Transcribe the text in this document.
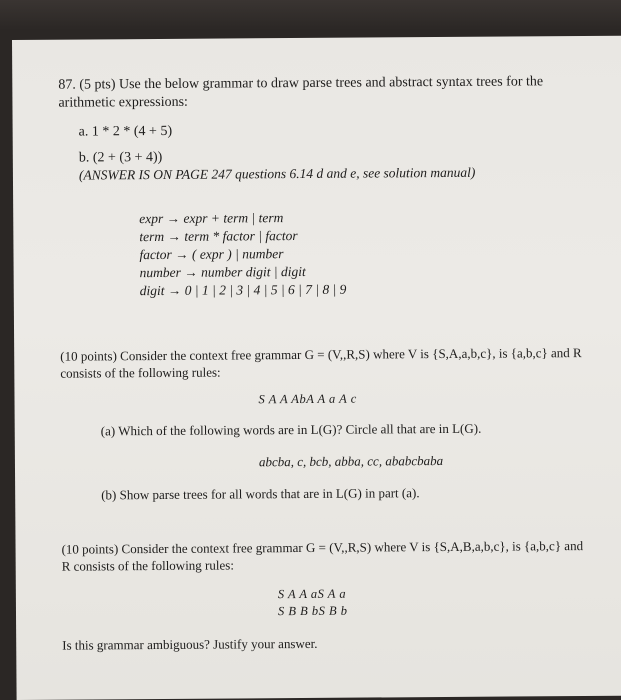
87. (5 pts) Use the below grammar to draw parse trees and abstract syntax trees for the
arithmetic expressions:
a. 1 * 2 * (4 + 5)
b. (2 + (3 + 4))
(ANSWER IS ON PAGE 247 questions 6.14 d and e, see solution manual)
expr → expr + term | term
term → term * factor | factor
factor → ( expr ) | number
number → number digit | digit
digit → 0 | 1 | 2 | 3 | 4 | 5 | 6 | 7 | 8 | 9
(10 points) Consider the context free grammar G = (V,,R,S) where V is {S,A,a,b,c}, is {a,b,c} and R
consists of the following rules:
S A A AbA A a A c
(a) Which of the following words are in L(G)? Circle all that are in L(G).
abcba, c, bcb, abba, cc, ababcbaba
(b) Show parse trees for all words that are in L(G) in part (a).
(10 points) Consider the context free grammar G = (V,,R,S) where V is {S,A,B,a,b,c}, is {a,b,c} and
R consists of the following rules:
S A A aS A a
S B B bS B b
Is this grammar ambiguous? Justify your answer.
